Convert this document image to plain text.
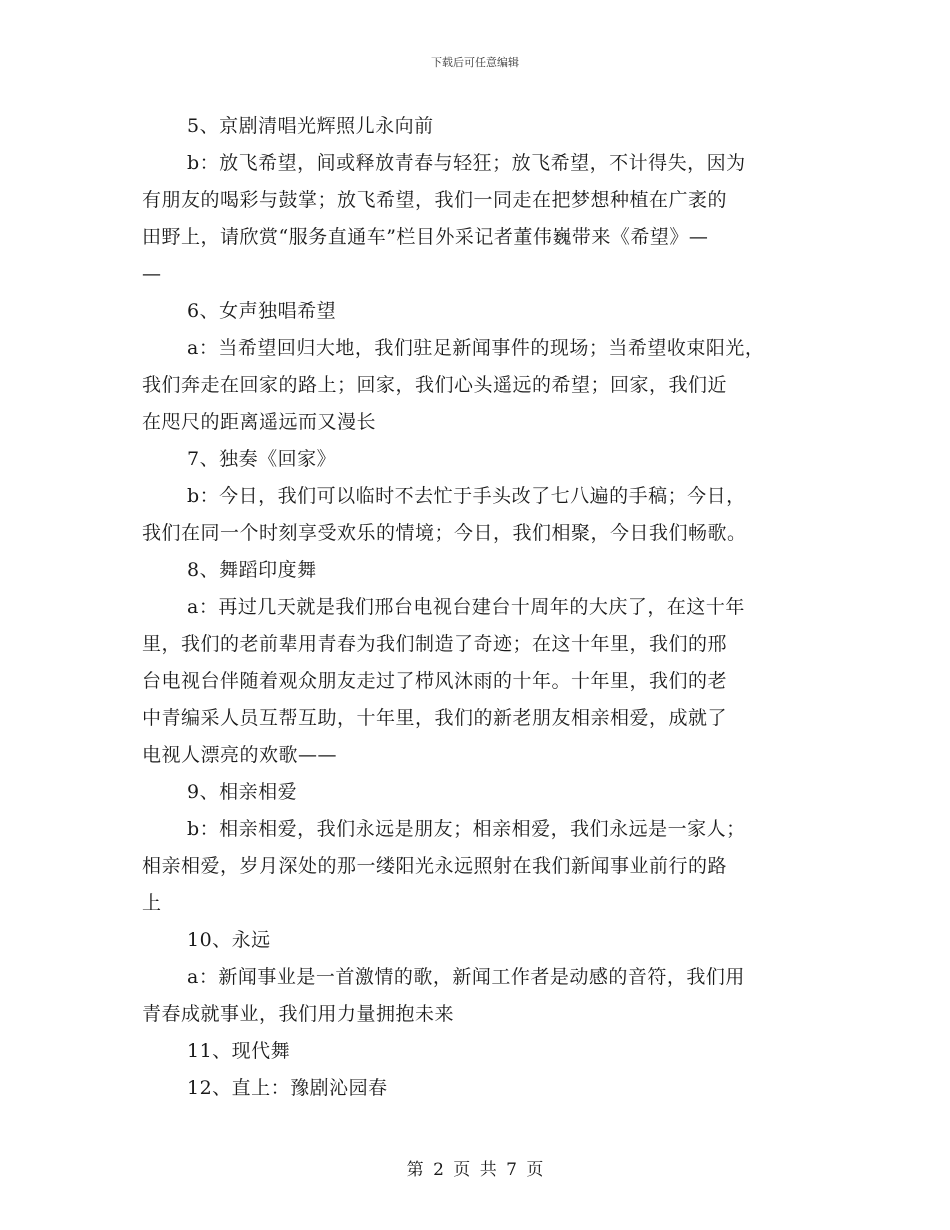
下载后可任意编辑
5、京剧清唱光辉照儿永向前
b：放飞希望，间或释放青春与轻狂；放飞希望，不计得失，因为
有朋友的喝彩与鼓掌；放飞希望，我们一同走在把梦想种植在广袤的
田野上，请欣赏“服务直通车”栏目外采记者董伟巍带来《希望》—
—
6、女声独唱希望
a：当希望回归大地，我们驻足新闻事件的现场；当希望收束阳光，
我们奔走在回家的路上；回家，我们心头遥远的希望；回家，我们近
在咫尺的距离遥远而又漫长
7、独奏《回家》
b：今日，我们可以临时不去忙于手头改了七八遍的手稿；今日，
我们在同一个时刻享受欢乐的情境；今日，我们相聚，今日我们畅歌。
8、舞蹈印度舞
a：再过几天就是我们邢台电视台建台十周年的大庆了，在这十年
里，我们的老前辈用青春为我们制造了奇迹；在这十年里，我们的邢
台电视台伴随着观众朋友走过了栉风沐雨的十年。十年里，我们的老
中青编采人员互帮互助，十年里，我们的新老朋友相亲相爱，成就了
电视人漂亮的欢歌——
9、相亲相爱
b：相亲相爱，我们永远是朋友；相亲相爱，我们永远是一家人；
相亲相爱，岁月深处的那一缕阳光永远照射在我们新闻事业前行的路
上
10、永远
a：新闻事业是一首激情的歌，新闻工作者是动感的音符，我们用
青春成就事业，我们用力量拥抱未来
11、现代舞
12、直上：豫剧沁园春
第 2 页 共 7 页
